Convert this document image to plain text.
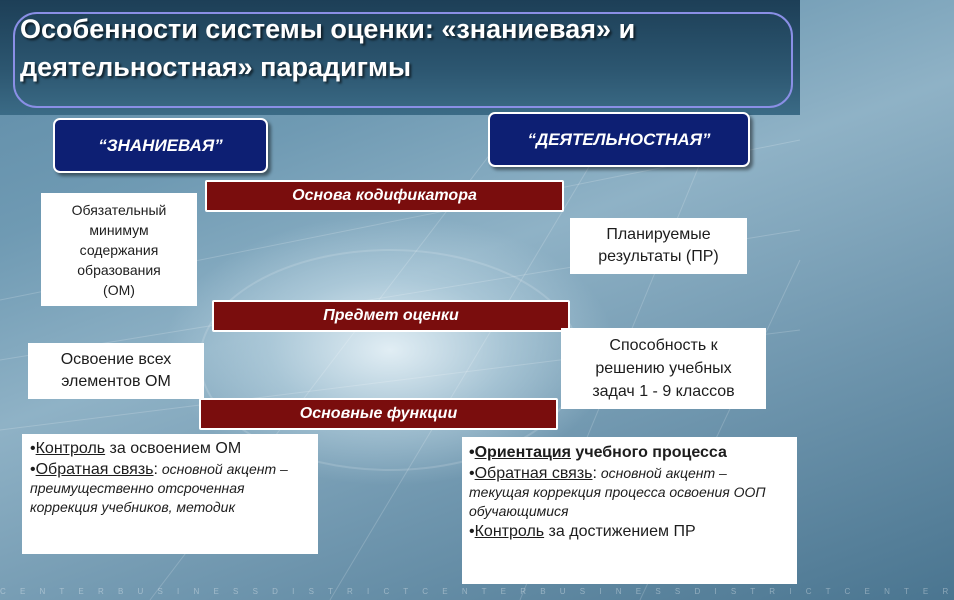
Особенности системы оценки: «знаниевая» и деятельностная» парадигмы
“ЗНАНИЕВАЯ”	“ДЕЯТЕЛЬНОСТНАЯ”
Основа кодификатора
Предмет оценки
Основные функции
Обязательный
минимум
содержания
образования
(ОМ)
Планируемые
результаты (ПР)
Освоение всех
элементов ОМ
Способность к
решению учебных
задач 1 - 9 классов
•Контроль за освоением ОМ
•Обратная связь: основной акцент – преимущественно отсроченная коррекция учебников, методик
•Ориентация учебного процесса
•Обратная связь: основной акцент – текущая коррекция процесса освоения ООП обучающимися
•Контроль за достижением ПР
C E N T E R B U S I N E S S D I S T R I C T C E N T E R B U S I N E S S D I S T R I C T C E N T E R
